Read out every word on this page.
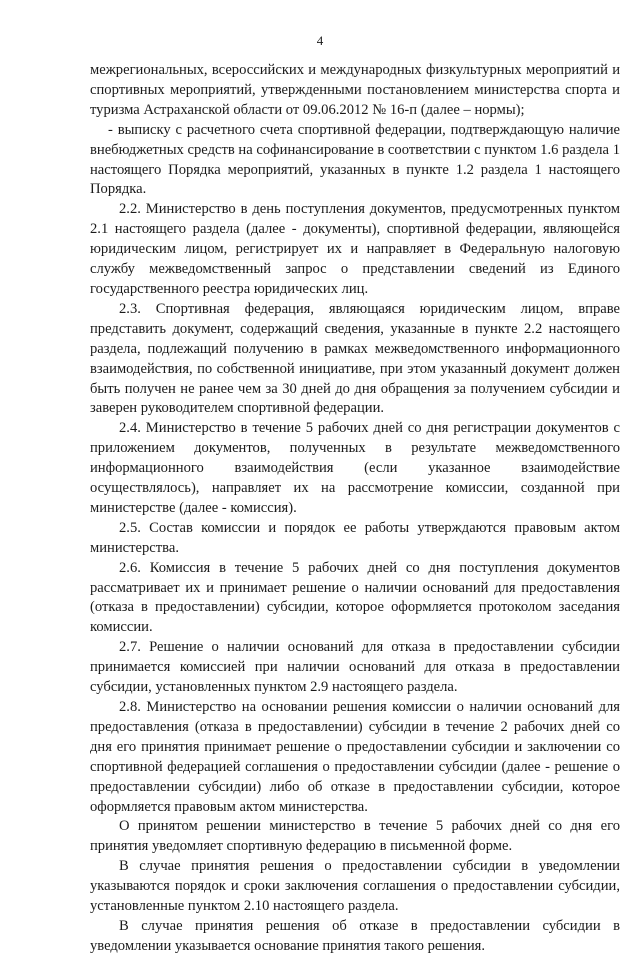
4

межрегиональных, всероссийских и международных физкультурных мероприятий и спортивных мероприятий, утвержденными постановлением министерства спорта и туризма Астраханской области от 09.06.2012 № 16-п (далее – нормы);

- выписку с расчетного счета спортивной федерации, подтверждающую наличие внебюджетных средств на софинансирование в соответствии с пунктом 1.6 раздела 1 настоящего Порядка мероприятий, указанных в пункте 1.2 раздела 1 настоящего Порядка.

2.2. Министерство в день поступления документов, предусмотренных пунктом 2.1 настоящего раздела (далее - документы), спортивной федерации, являющейся юридическим лицом, регистрирует их и направляет в Федеральную налоговую службу межведомственный запрос о представлении сведений из Единого государственного реестра юридических лиц.

2.3. Спортивная федерация, являющаяся юридическим лицом, вправе представить документ, содержащий сведения, указанные в пункте 2.2 настоящего раздела, подлежащий получению в рамках межведомственного информационного взаимодействия, по собственной инициативе, при этом указанный документ должен быть получен не ранее чем за 30 дней до дня обращения за получением субсидии и заверен руководителем спортивной федерации.

2.4. Министерство в течение 5 рабочих дней со дня регистрации документов с приложением документов, полученных в результате межведомственного информационного взаимодействия (если указанное взаимодействие осуществлялось), направляет их на рассмотрение комиссии, созданной при министерстве (далее - комиссия).

2.5. Состав комиссии и порядок ее работы утверждаются правовым актом министерства.

2.6. Комиссия в течение 5 рабочих дней со дня поступления документов рассматривает их и принимает решение о наличии оснований для предоставления (отказа в предоставлении) субсидии, которое оформляется протоколом заседания комиссии.

2.7. Решение о наличии оснований для отказа в предоставлении субсидии принимается комиссией при наличии оснований для отказа в предоставлении субсидии, установленных пунктом 2.9 настоящего раздела.

2.8. Министерство на основании решения комиссии о наличии оснований для предоставления (отказа в предоставлении) субсидии в течение 2 рабочих дней со дня его принятия принимает решение о предоставлении субсидии и заключении со спортивной федерацией соглашения о предоставлении субсидии (далее - решение о предоставлении субсидии) либо об отказе в предоставлении субсидии, которое оформляется правовым актом министерства.

О принятом решении министерство в течение 5 рабочих дней со дня его принятия уведомляет спортивную федерацию в письменной форме.

В случае принятия решения о предоставлении субсидии в уведомлении указываются порядок и сроки заключения соглашения о предоставлении субсидии, установленные пунктом 2.10 настоящего раздела.

В случае принятия решения об отказе в предоставлении субсидии в уведомлении указывается основание принятия такого решения.
